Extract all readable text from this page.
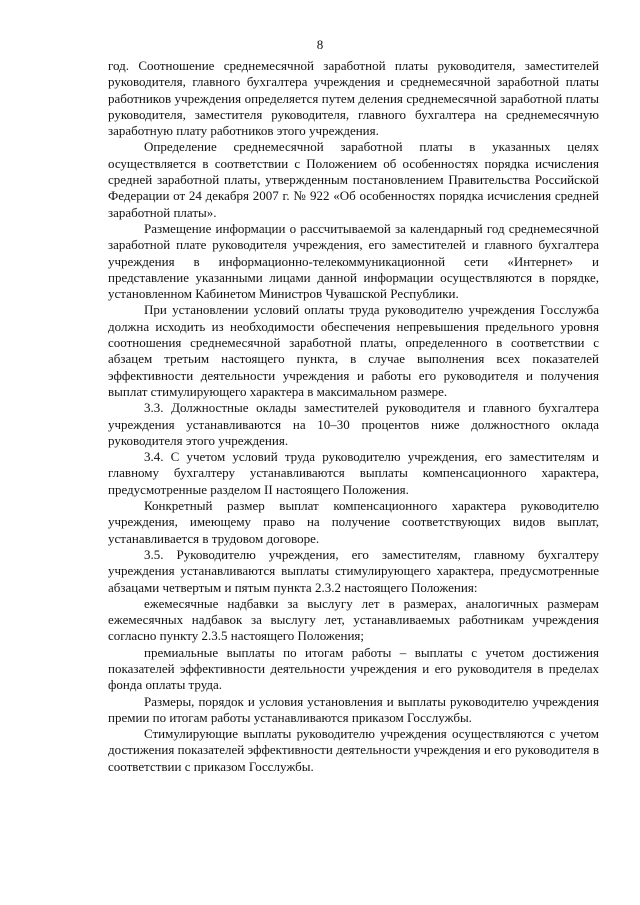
8

год. Соотношение среднемесячной заработной платы руководителя, заместителей руководителя, главного бухгалтера учреждения и среднемесячной заработной платы работников учреждения определяется путем деления среднемесячной заработной платы руководителя, заместителя руководителя, главного бухгалтера на среднемесячную заработную плату работников этого учреждения.

Определение среднемесячной заработной платы в указанных целях осуществляется в соответствии с Положением об особенностях порядка исчисления средней заработной платы, утвержденным постановлением Правительства Российской Федерации от 24 декабря 2007 г. № 922 «Об особенностях порядка исчисления средней заработной платы».

Размещение информации о рассчитываемой за календарный год среднемесячной заработной плате руководителя учреждения, его заместителей и главного бухгалтера учреждения в информационно-телекоммуникационной сети «Интернет» и представление указанными лицами данной информации осуществляются в порядке, установленном Кабинетом Министров Чувашской Республики.

При установлении условий оплаты труда руководителю учреждения Госслужба должна исходить из необходимости обеспечения непревышения предельного уровня соотношения среднемесячной заработной платы, определенного в соответствии с абзацем третьим настоящего пункта, в случае выполнения всех показателей эффективности деятельности учреждения и работы его руководителя и получения выплат стимулирующего характера в максимальном размере.

3.3. Должностные оклады заместителей руководителя и главного бухгалтера учреждения устанавливаются на 10–30 процентов ниже должностного оклада руководителя этого учреждения.

3.4. С учетом условий труда руководителю учреждения, его заместителям и главному бухгалтеру устанавливаются выплаты компенсационного характера, предусмотренные разделом II настоящего Положения.

Конкретный размер выплат компенсационного характера руководителю учреждения, имеющему право на получение соответствующих видов выплат, устанавливается в трудовом договоре.

3.5. Руководителю учреждения, его заместителям, главному бухгалтеру учреждения устанавливаются выплаты стимулирующего характера, предусмотренные абзацами четвертым и пятым пункта 2.3.2 настоящего Положения:

ежемесячные надбавки за выслугу лет в размерах, аналогичных размерам ежемесячных надбавок за выслугу лет, устанавливаемых работникам учреждения согласно пункту 2.3.5 настоящего Положения;

премиальные выплаты по итогам работы – выплаты с учетом достижения показателей эффективности деятельности учреждения и его руководителя в пределах фонда оплаты труда.

Размеры, порядок и условия установления и выплаты руководителю учреждения премии по итогам работы устанавливаются приказом Госслужбы.

Стимулирующие выплаты руководителю учреждения осуществляются с учетом достижения показателей эффективности деятельности учреждения и его руководителя в соответствии с приказом Госслужбы.
